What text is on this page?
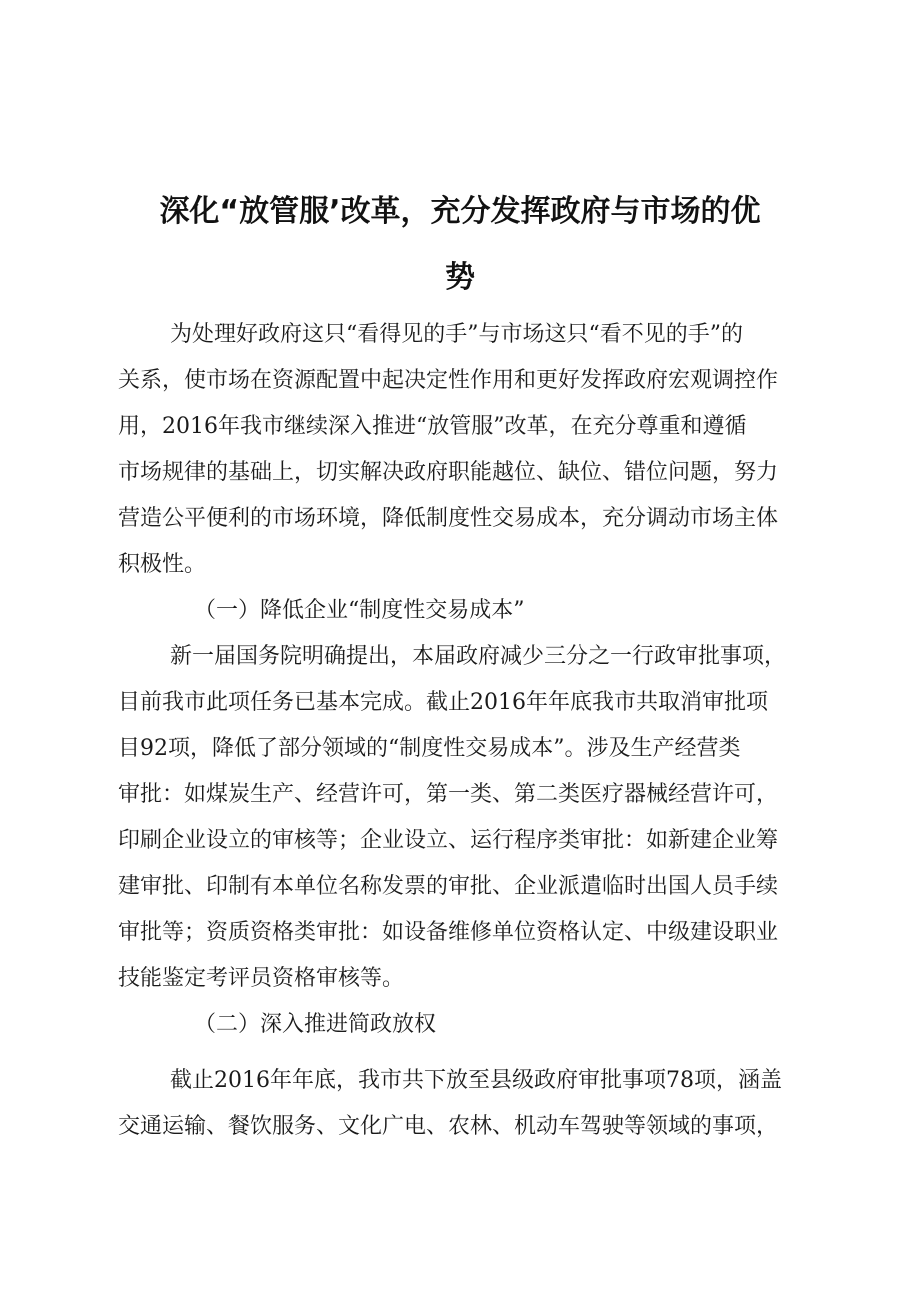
深化“放管服’改革，充分发挥政府与市场的优
势
为处理好政府这只“看得见的手”与市场这只“看不见的手”的
关系，使市场在资源配置中起决定性作用和更好发挥政府宏观调控作
用，2016年我市继续深入推进“放管服”改革，在充分尊重和遵循
市场规律的基础上，切实解决政府职能越位、缺位、错位问题，努力
营造公平便利的市场环境，降低制度性交易成本，充分调动市场主体
积极性。
（一）降低企业“制度性交易成本”
新一届国务院明确提出，本届政府减少三分之一行政审批事项，
目前我市此项任务已基本完成。截止2016年年底我市共取消审批项
目92项，降低了部分领域的“制度性交易成本”。涉及生产经营类
审批：如煤炭生产、经营许可，第一类、第二类医疗器械经营许可，
印刷企业设立的审核等；企业设立、运行程序类审批：如新建企业筹
建审批、印制有本单位名称发票的审批、企业派遣临时出国人员手续
审批等；资质资格类审批：如设备维修单位资格认定、中级建设职业
技能鉴定考评员资格审核等。
（二）深入推进简政放权
截止2016年年底，我市共下放至县级政府审批事项78项，涵盖
交通运输、餐饮服务、文化广电、农林、机动车驾驶等领域的事项，
